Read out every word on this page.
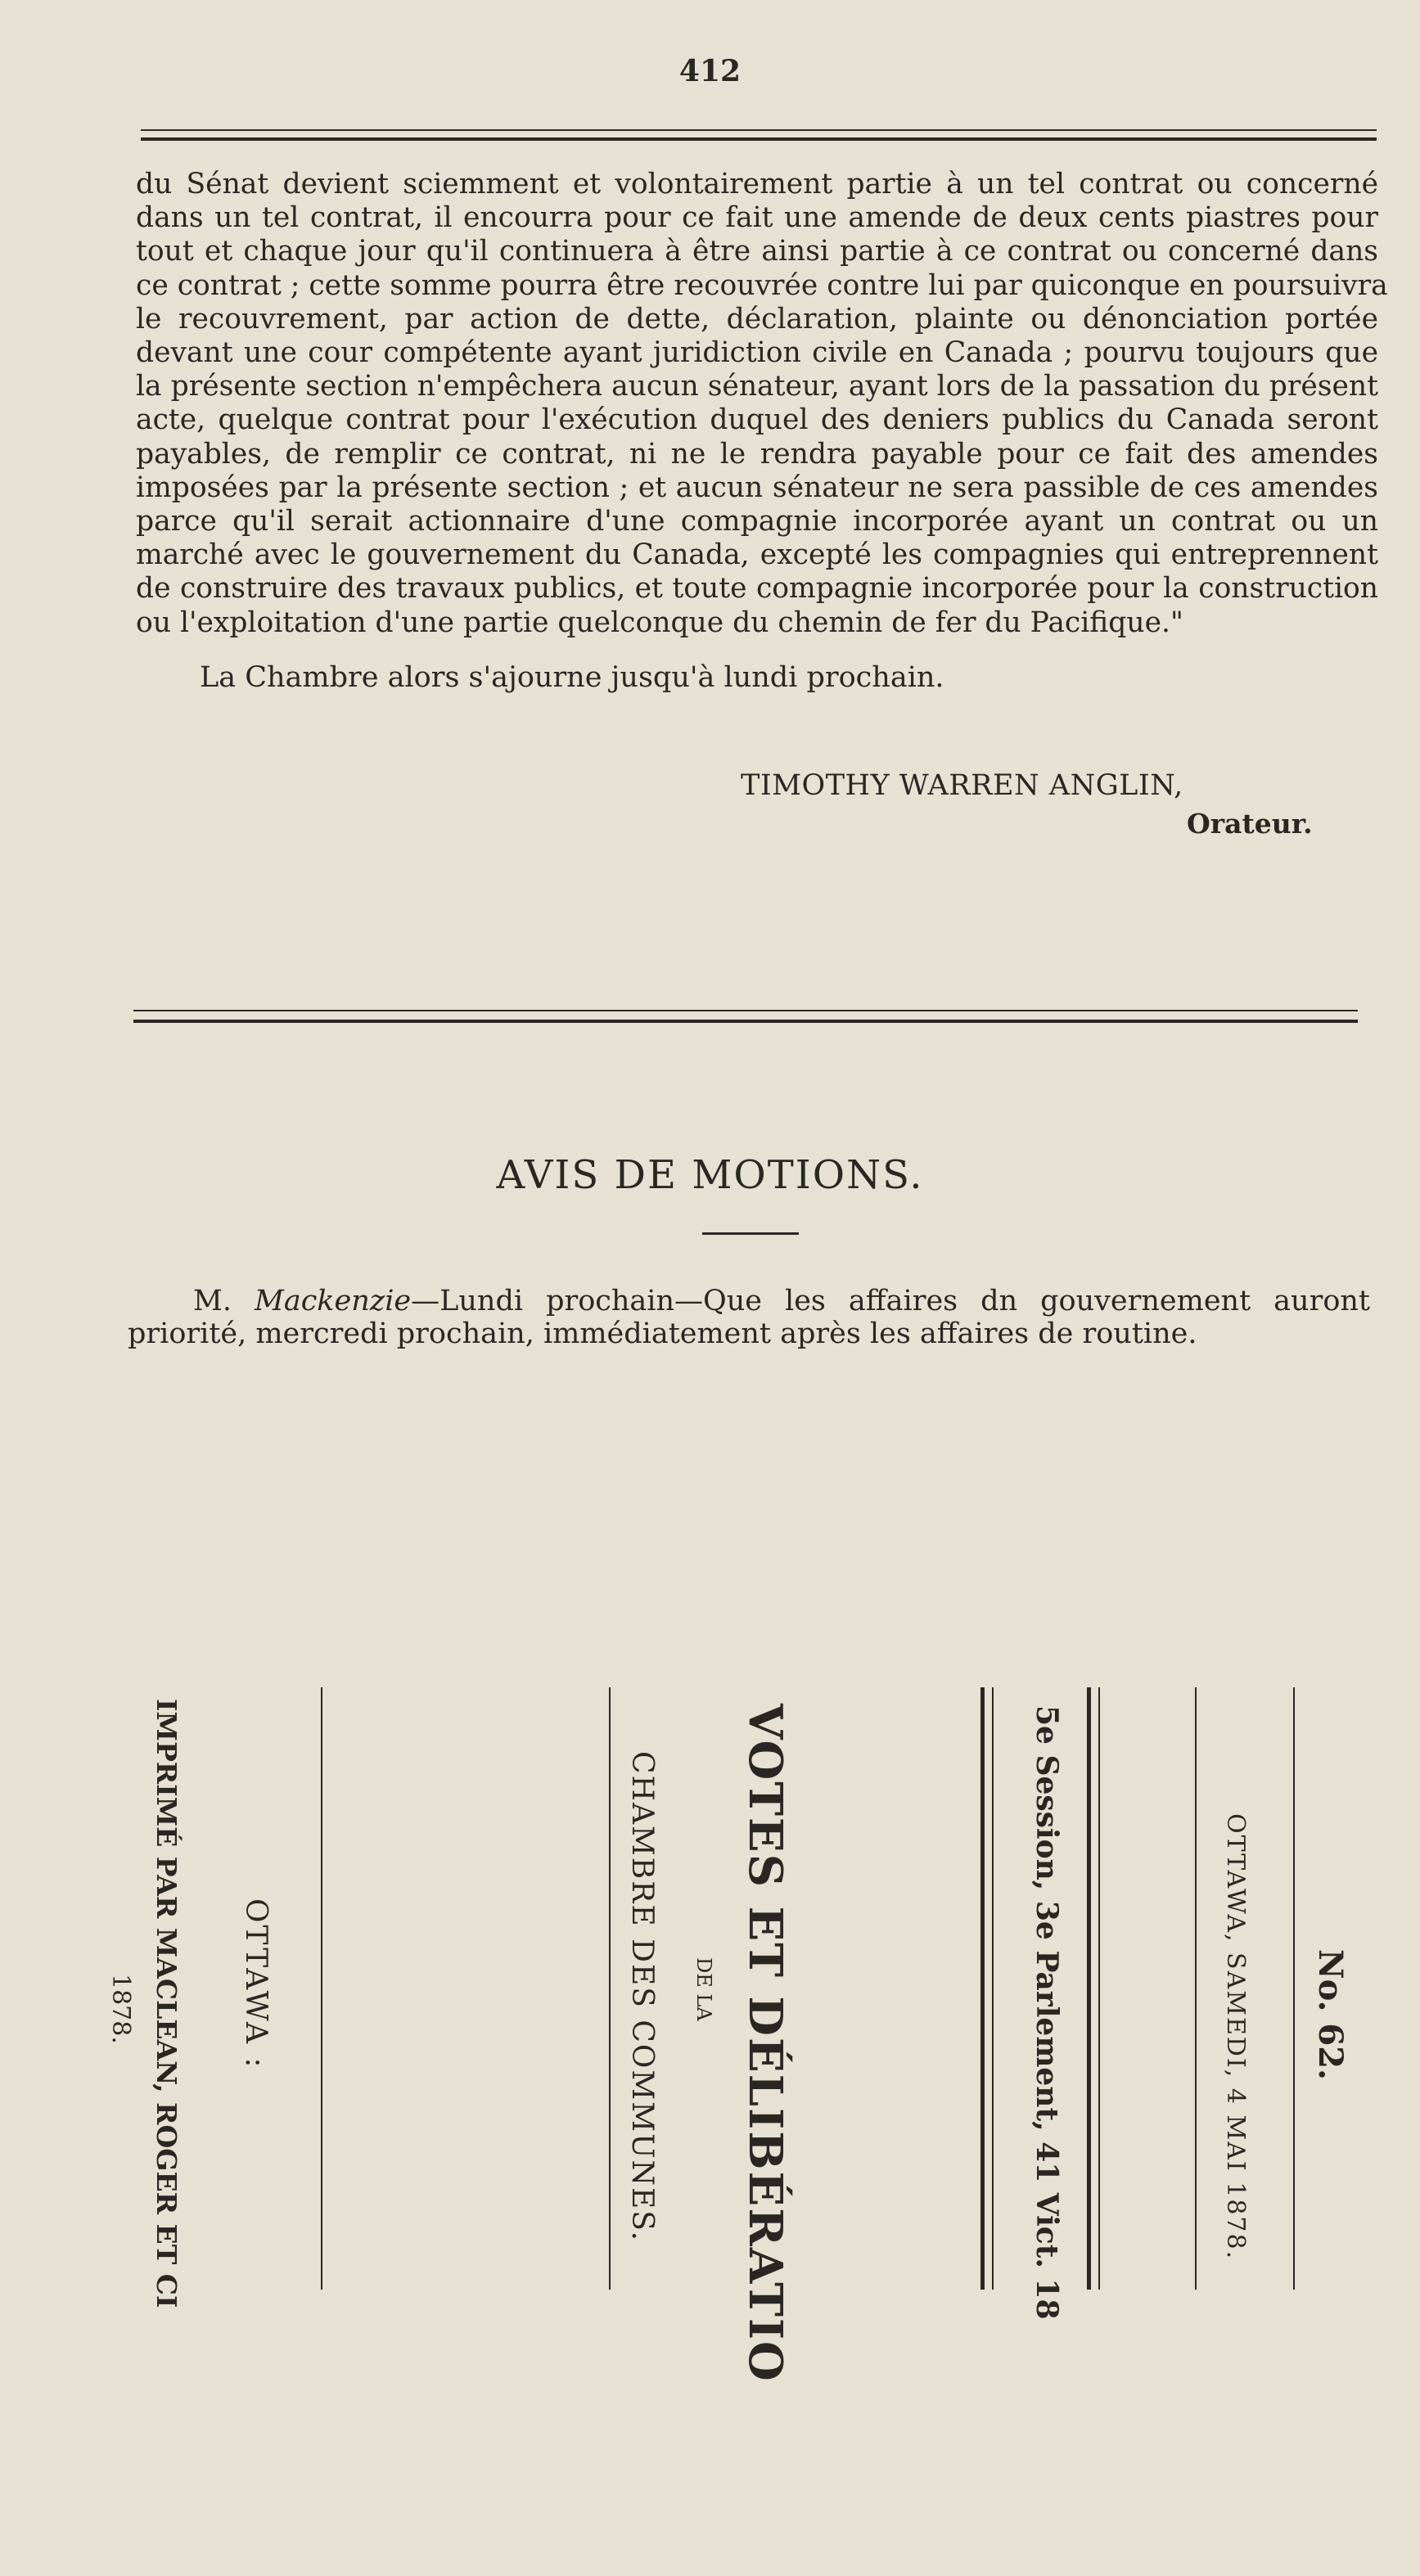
412
du Sénat devient sciemment et volontairement partie à un tel contrat ou concerné
dans un tel contrat, il encourra pour ce fait une amende de deux cents piastres pour
tout et chaque jour qu'il continuera à être ainsi partie à ce contrat ou concerné dans
ce contrat ; cette somme pourra être recouvrée contre lui par quiconque en poursuivra
le recouvrement, par action de dette, déclaration, plainte ou dénonciation portée
devant une cour compétente ayant juridiction civile en Canada ; pourvu toujours que
la présente section n'empêchera aucun sénateur, ayant lors de la passation du présent
acte, quelque contrat pour l'exécution duquel des deniers publics du Canada seront
payables, de remplir ce contrat, ni ne le rendra payable pour ce fait des amendes
imposées par la présente section ; et aucun sénateur ne sera passible de ces amendes
parce qu'il serait actionnaire d'une compagnie incorporée ayant un contrat ou un
marché avec le gouvernement du Canada, excepté les compagnies qui entreprennent
de construire des travaux publics, et toute compagnie incorporée pour la construction
ou l'exploitation d'une partie quelconque du chemin de fer du Pacifique."
La Chambre alors s'ajourne jusqu'à lundi prochain.
TIMOTHY WARREN ANGLIN,
Orateur.
AVIS DE MOTIONS.
M. Mackenzie—Lundi prochain—Que les affaires dn gouvernement auront
priorité, mercredi prochain, immédiatement après les affaires de routine.
No. 62.
OTTAWA, SAMEDI, 4 MAI 1878.
5e Session, 3e Parlement, 41 Vict. 18
VOTES ET DÉLIBÉRATIO
DE LA
CHAMBRE DES COMMUNES.
OTTAWA :
IMPRIMÉ PAR MACLEAN, ROGER ET CI
1878.
